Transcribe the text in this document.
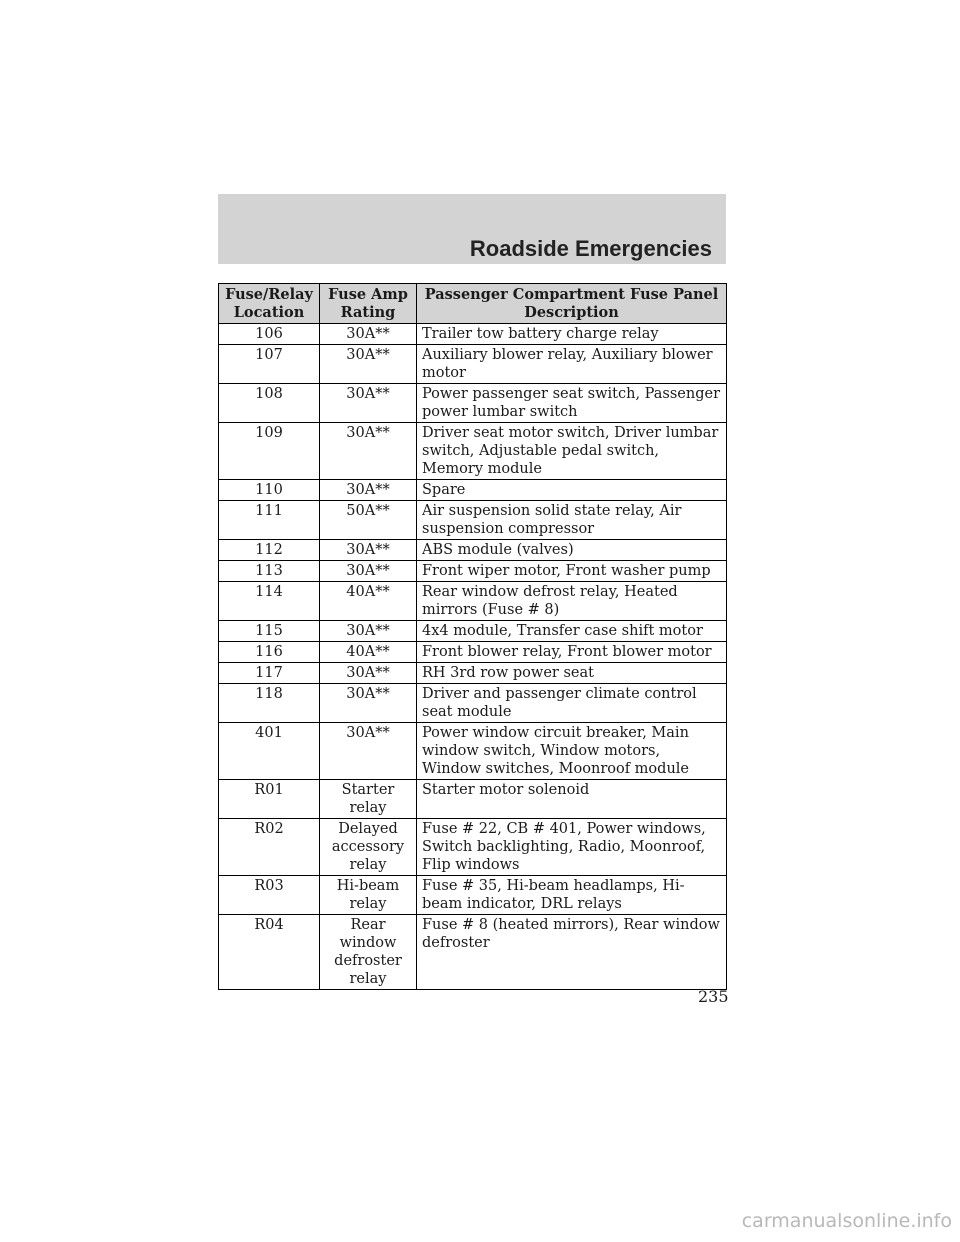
Roadside Emergencies
Fuse/Relay Location	Fuse Amp Rating	Passenger Compartment Fuse Panel Description
106	30A**	Trailer tow battery charge relay
107	30A**	Auxiliary blower relay, Auxiliary blower motor
108	30A**	Power passenger seat switch, Passenger power lumbar switch
109	30A**	Driver seat motor switch, Driver lumbar switch, Adjustable pedal switch, Memory module
110	30A**	Spare
111	50A**	Air suspension solid state relay, Air suspension compressor
112	30A**	ABS module (valves)
113	30A**	Front wiper motor, Front washer pump
114	40A**	Rear window defrost relay, Heated mirrors (Fuse # 8)
115	30A**	4x4 module, Transfer case shift motor
116	40A**	Front blower relay, Front blower motor
117	30A**	RH 3rd row power seat
118	30A**	Driver and passenger climate control seat module
401	30A**	Power window circuit breaker, Main window switch, Window motors, Window switches, Moonroof module
R01	Starter relay	Starter motor solenoid
R02	Delayed accessory relay	Fuse # 22, CB # 401, Power windows, Switch backlighting, Radio, Moonroof, Flip windows
R03	Hi-beam relay	Fuse # 35, Hi-beam headlamps, Hi-beam indicator, DRL relays
R04	Rear window defroster relay	Fuse # 8 (heated mirrors), Rear window defroster
235
carmanualsonline.info
